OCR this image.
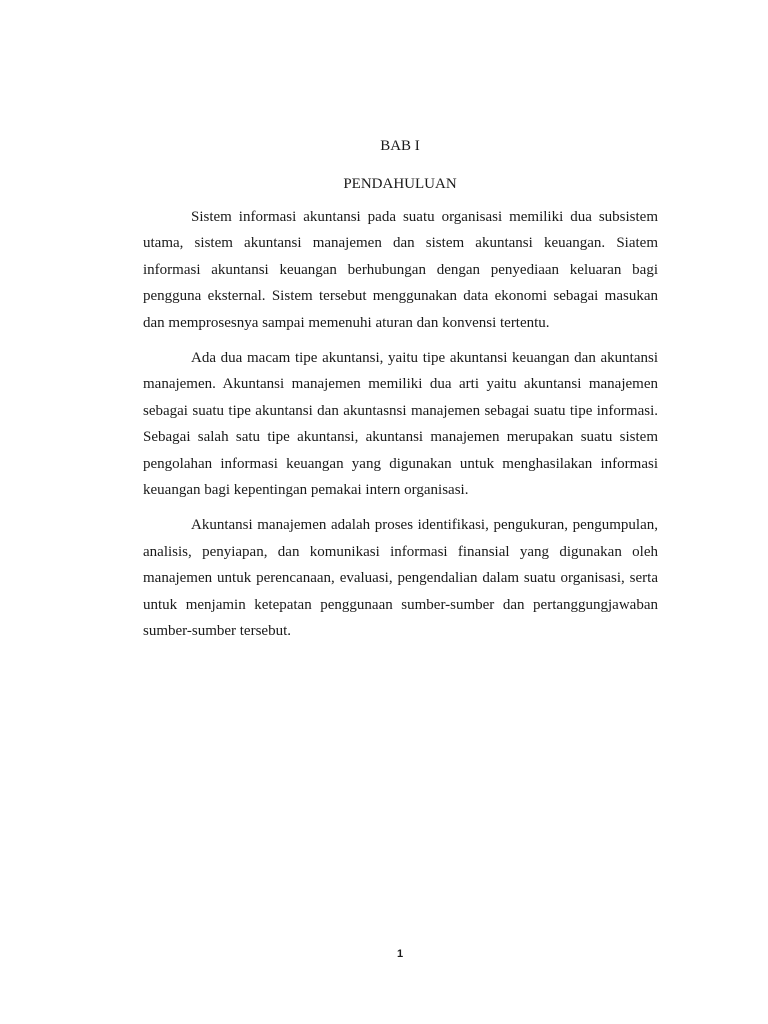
BAB I
PENDAHULUAN

Sistem informasi akuntansi pada suatu organisasi memiliki dua subsistem utama, sistem akuntansi manajemen dan sistem akuntansi keuangan. Siatem informasi akuntansi keuangan berhubungan dengan penyediaan keluaran bagi pengguna eksternal. Sistem tersebut menggunakan data ekonomi sebagai masukan dan memprosesnya sampai memenuhi aturan dan konvensi tertentu.

Ada dua macam tipe akuntansi, yaitu tipe akuntansi keuangan dan akuntansi manajemen. Akuntansi manajemen memiliki dua arti yaitu akuntansi manajemen sebagai suatu tipe akuntansi dan akuntasnsi manajemen sebagai suatu tipe informasi. Sebagai salah satu tipe akuntansi, akuntansi manajemen merupakan suatu sistem pengolahan informasi keuangan yang digunakan untuk menghasilakan informasi keuangan bagi kepentingan pemakai intern organisasi.

Akuntansi manajemen adalah proses identifikasi, pengukuran, pengumpulan, analisis, penyiapan, dan komunikasi informasi finansial yang digunakan oleh manajemen untuk perencanaan, evaluasi, pengendalian dalam suatu organisasi, serta untuk menjamin ketepatan penggunaan sumber-sumber dan pertanggungjawaban sumber-sumber tersebut.

1
